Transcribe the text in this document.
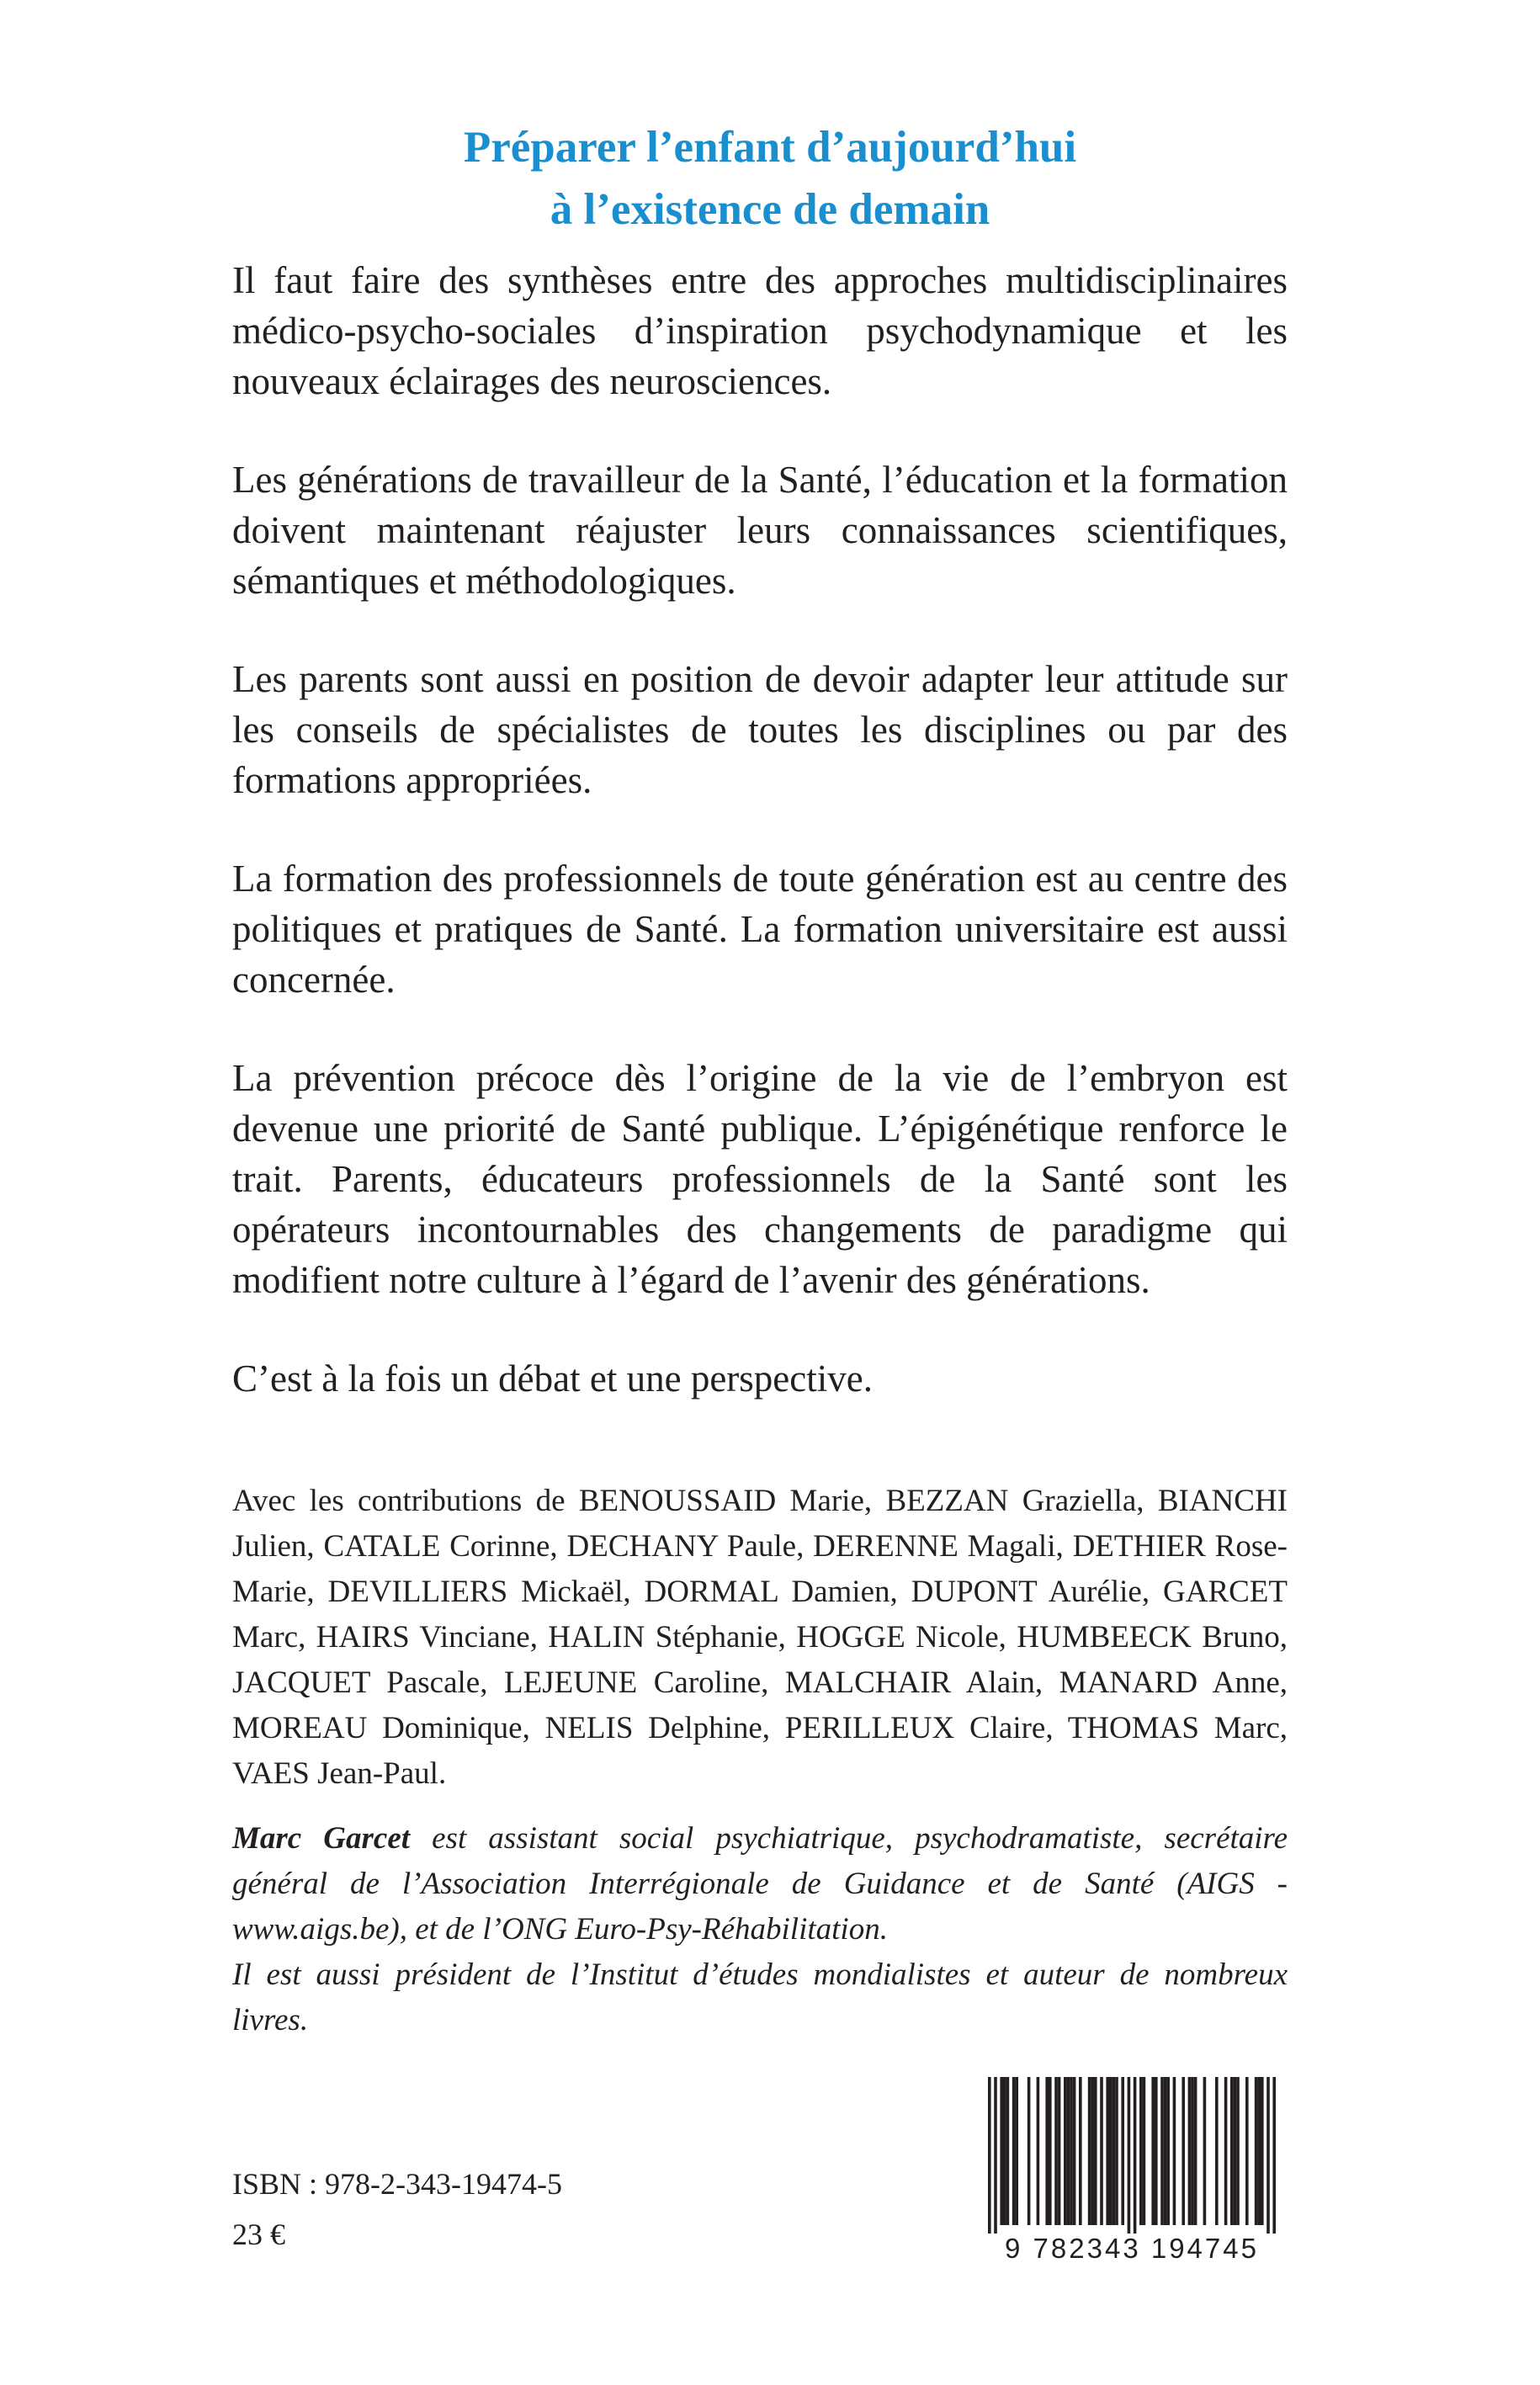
Préparer l’enfant d’aujourd’hui
à l’existence de demain

Il faut faire des synthèses entre des approches multidisciplinaires médico-psycho-sociales d’inspiration psychodynamique et les nouveaux éclairages des neurosciences.

Les générations de travailleur de la Santé, l’éducation et la formation doivent maintenant réajuster leurs connaissances scientifiques, sémantiques et méthodologiques.

Les parents sont aussi en position de devoir adapter leur attitude sur les conseils de spécialistes de toutes les disciplines ou par des formations appropriées.

La formation des professionnels de toute génération est au centre des politiques et pratiques de Santé. La formation universitaire est aussi concernée.

La prévention précoce dès l’origine de la vie de l’embryon est devenue une priorité de Santé publique. L’épigénétique renforce le trait. Parents, éducateurs professionnels de la Santé sont les opérateurs incontournables des changements de paradigme qui modifient notre culture à l’égard de l’avenir des générations.

C’est à la fois un débat et une perspective.

Avec les contributions de BENOUSSAID Marie, BEZZAN Graziella, BIANCHI Julien, CATALE Corinne, DECHANY Paule, DERENNE Magali, DETHIER Rose-Marie, DEVILLIERS Mickaël, DORMAL Damien, DUPONT Aurélie, GARCET Marc, HAIRS Vinciane, HALIN Stéphanie, HOGGE Nicole, HUMBEECK Bruno, JACQUET Pascale, LEJEUNE Caroline, MALCHAIR Alain, MANARD Anne, MOREAU Dominique, NELIS Delphine, PERILLEUX Claire, THOMAS Marc, VAES Jean-Paul.

Marc Garcet est assistant social psychiatrique, psychodramatiste, secrétaire général de l’Association Interrégionale de Guidance et de Santé (AIGS - www.aigs.be), et de l’ONG Euro-Psy-Réhabilitation.

Il est aussi président de l’Institut d’études mondialistes et auteur de nombreux livres.

ISBN : 978-2-343-19474-5
23 €	9 782343 194745
